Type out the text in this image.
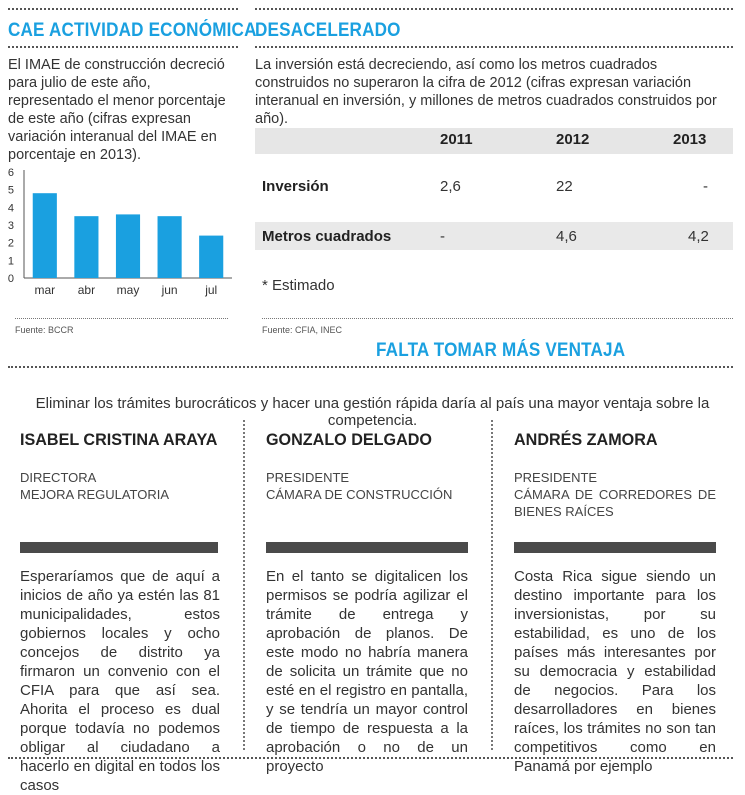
CAE ACTIVIDAD ECONÓMICA
El IMAE de construcción decreció para julio de este año, representado el menor porcentaje de este año (cifras expresan variación interanual del IMAE en porcentaje en 2013).
0
1
2
3
4
5
6
mar abr may jun jul
Fuente: BCCR
DESACELERADO
La inversión está decreciendo, así como los metros cuadrados construidos no superaron la cifra de 2012 (cifras expresan variación interanual en inversión, y millones de metros cuadrados construidos por año).
2011	2012	2013
Inversión	2,6	22	-
Metros cuadrados	-	4,6	4,2
* Estimado
Fuente: CFIA, INEC
FALTA TOMAR MÁS VENTAJA
Eliminar los trámites burocráticos y hacer una gestión rápida daría al país una mayor ventaja sobre la competencia.
ISABEL CRISTINA ARAYA
DIRECTORA
MEJORA REGULATORIA
Esperaríamos que de aquí a inicios de año ya estén las 81 municipalidades, estos gobiernos locales y ocho concejos de distrito ya firmaron un convenio con el CFIA para que así sea. Ahorita el proceso es dual porque todavía no podemos obligar al ciudadano a hacerlo en digital en todos los casos
GONZALO DELGADO
PRESIDENTE
CÁMARA DE CONSTRUCCIÓN
En el tanto se digitalicen los permisos se podría agilizar el trámite de entrega y aprobación de planos. De este modo no habría manera de solicita un trámite que no esté en el registro en pantalla, y se tendría un mayor control de tiempo de respuesta a la aprobación o no de un proyecto
ANDRÉS ZAMORA
PRESIDENTE
CÁMARA DE CORREDORES DE BIENES RAÍCES
Costa Rica sigue siendo un destino importante para los inversionistas, por su estabilidad, es uno de los países más interesantes por su democracia y estabilidad de negocios. Para los desarrolladores en bienes raíces, los trámites no son tan competitivos como en Panamá por ejemplo
